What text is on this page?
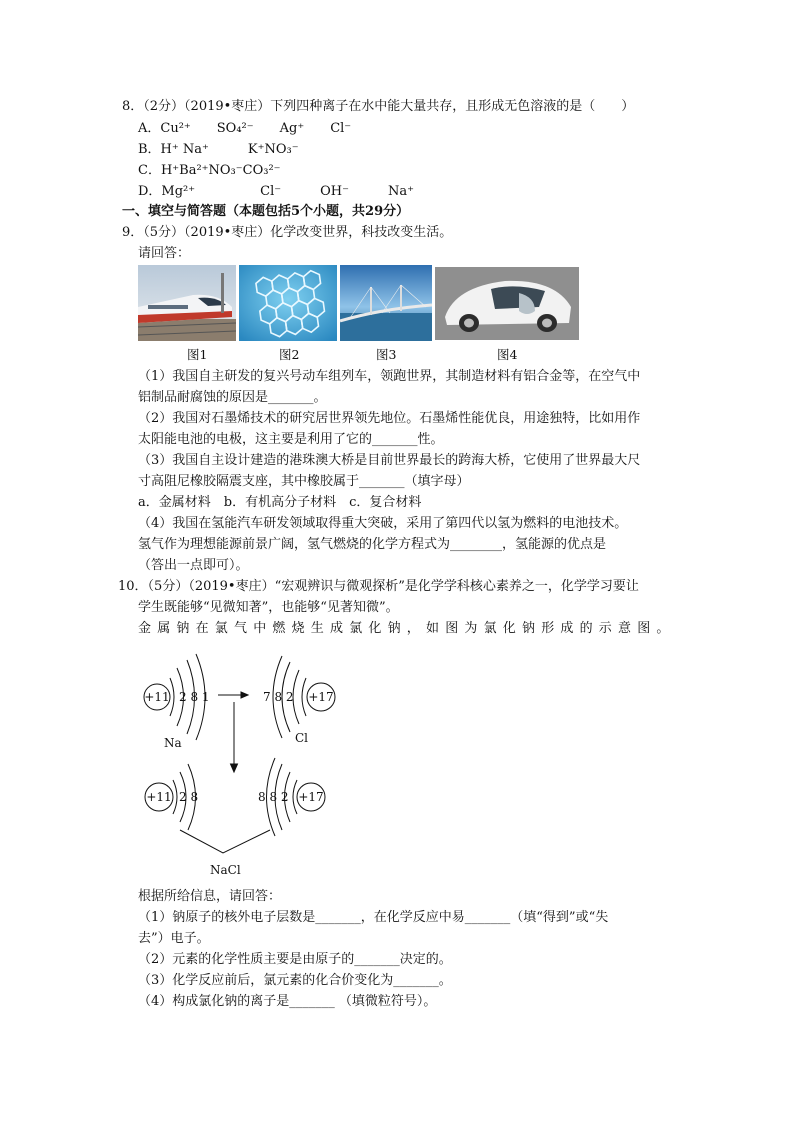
8．（2分）（2019•枣庄）下列四种离子在水中能大量共存，且形成无色溶液的是（　　）
A．Cu²⁺　　SO₄²⁻　　Ag⁺　　Cl⁻
B．H⁺ Na⁺　　　K⁺NO₃⁻
C．H⁺Ba²⁺NO₃⁻CO₃²⁻
D．Mg²⁺　　　　　Cl⁻　　　OH⁻　　　Na⁺
一、填空与简答题（本题包括5个小题，共29分）
9．（5分）（2019•枣庄）化学改变世界，科技改变生活。
请回答：
图1	图2	图3	图4
（1）我国自主研发的复兴号动车组列车，领跑世界，其制造材料有铝合金等，在空气中
铝制品耐腐蚀的原因是_______。
（2）我国对石墨烯技术的研究居世界领先地位。石墨烯性能优良，用途独特，比如用作
太阳能电池的电极，这主要是利用了它的_______性。
（3）我国自主设计建造的港珠澳大桥是目前世界最长的跨海大桥，它使用了世界最大尺
寸高阻尼橡胶隔震支座，其中橡胶属于_______（填字母）
a．金属材料　b．有机高分子材料　c．复合材料
（4）我国在氢能汽车研发领域取得重大突破，采用了第四代以氢为燃料的电池技术。
氢气作为理想能源前景广阔，氢气燃烧的化学方程式为________，氢能源的优点是
（答出一点即可）。
10．（5分）（2019•枣庄）“宏观辨识与微观探析”是化学学科核心素养之一，化学学习要让
学生既能够“见微知著”，也能够“见著知微”。
金属钠在氯气中燃烧生成氯化钠，如图为氯化钠形成的示意图。
+11 2 8 1
Na
7 8 2 +17
Cl
+11 2 8	8 8 2 +17
NaCl
根据所给信息，请回答：
（1）钠原子的核外电子层数是_______，在化学反应中易_______（填“得到”或“失
去”）电子。
（2）元素的化学性质主要是由原子的_______决定的。
（3）化学反应前后，氯元素的化合价变化为_______。
（4）构成氯化钠的离子是_______ （填微粒符号）。
